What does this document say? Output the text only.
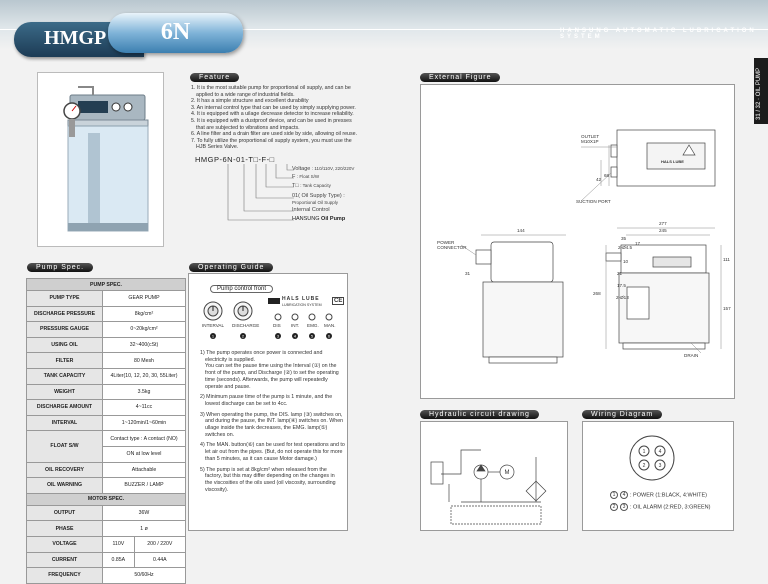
HMGP	6N	HANSUNG AUTOMATIC LUBRICATION SYSTEM
31 / 32 · OIL PUMP
Feature
1. It is the most suitable pump for proportional oil supply, and can be
applied to a wide range of industrial fields.
2. It has a simple structure and excellent durability
3. An internal control type that can be used by simply supplying power.
4. It is equipped with a uilage decrease detector to increase reliability.
5. It is equipped with a dustproof device, and can be used in presses
that are subjected to vibrations and impacts.
6. A line filter and a drain filter are used side by side, allowing oil reuse.
7. To fully utilize the proportional oil supply system, you must use the
HJB Series Valve.
HMGP-6N-01-T□-F-□
Voltage : 110/110V, 220/220V
F : Float S/W
T□ : Tank Capacity
01( Oil Supply Type) :
Proportional Oil Supply
Internal Control
HANSUNG Oil Pump
Pump Spec.
PUMP SPEC.		
PUMP TYPE	GEAR PUMP	
DISCHARGE PRESSURE	8kg/cm²	
PRESSURE GAUGE	0~20kg/cm²	
USING OIL	32~400(cSt)	
FILTER	80 Mesh	
TANK CAPACITY	4Liter(10, 12, 20, 30, 55Liter)	
WEIGHT	3.5kg	
DISCHARGE AMOUNT	4~11cc	
INTERVAL	1~120min/1~60min	
FLOAT S/W	Contact type : A contact (NO)	
	ON at low level	
OIL RECOVERY	Attachable	
OIL WARNING	BUZZER / LAMP	
MOTOR SPEC.		
OUTPUT	36W	
PHASE	1 ø	
VOLTAGE	110V	200 / 220V
CURRENT	0.85A	0.44A
FREQUENCY	50/60Hz	
Operating Guide
Pump control front
1	2	3	4	5	6
HALS LUBE
LUBRICATION SYSTEM
CE
INTERVAL DISCHARGE	DIS INT. EMG. MAN.
1) The pump operates once power is connected and
electricity is supplied.
You can set the pause time using the Interval (①) on the
front of the pump, and Discharge (②) to set the operating
time (seconds). Afterwards, the pump will repeatedly
operate and pause.
2) Minimum pause time of the pump is 1 minute, and the
lowest discharge can be set to 4cc.
3) When operating the pump, the DIS. lamp (③) switches on,
and during the pause, the INT. lamp(④) switches on. When
ullage inside the tank decreases, the EMG. lamp(⑤)
switches on.
4) The MAN. button(⑥) can be used for test operations and to
let air out from the pipes. (But, do not operate this for more
than 5 minutes, as it can cause Motor damage.)
5) The pump is set at 8kg/cm² when released from the
factory, but this may differ depending on the changes in
the viscosities of the oils used (oil viscosity, surrounding
viscosity).
External Figure
HALS LUBE
OUTLET
M10X1P
SUCTION PORT
POWER
CONNECTOR
DRAIN
144
277
245
35
2-Ø4.5
10	111
268
157
21
17.5
31
2-Ø13
68
42
17
Hydraulic circuit drawing
M
Wiring Diagram
1	4
2	3
1 4 : POWER (1:BLACK, 4:WHITE)
2 3 : OIL ALARM (2:RED, 3:GREEN)
